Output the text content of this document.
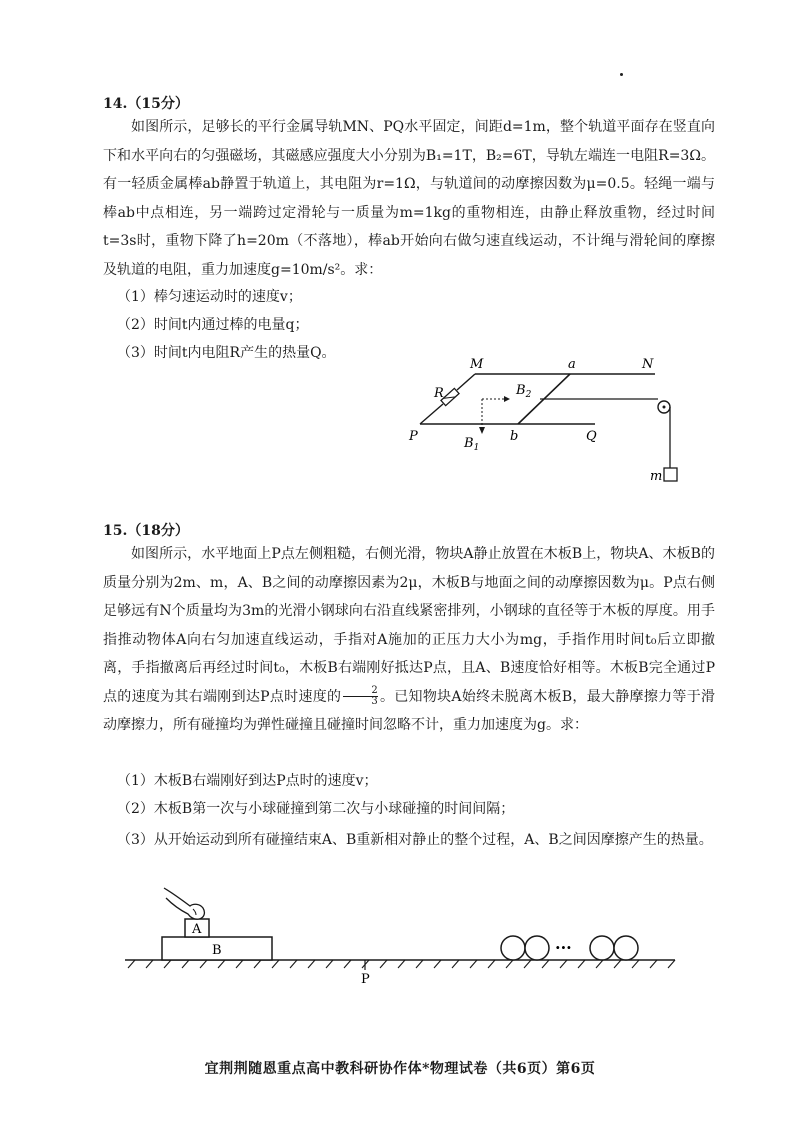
14.（15分）

如图所示，足够长的平行金属导轨MN、PQ水平固定，间距d=1m，整个轨道平面存在竖直向下和水平向右的匀强磁场，其磁感应强度大小分别为B₁=1T，B₂=6T，导轨左端连一电阻R=3Ω。有一轻质金属棒ab静置于轨道上，其电阻为r=1Ω，与轨道间的动摩擦因数为μ=0.5。轻绳一端与棒ab中点相连，另一端跨过定滑轮与一质量为m=1kg的重物相连，由静止释放重物，经过时间t=3s时，重物下降了h=20m（不落地），棒ab开始向右做匀速直线运动，不计绳与滑轮间的摩擦及轨道的电阻，重力加速度g=10m/s²。求：

（1）棒匀速运动时的速度v；

（2）时间t内通过棒的电量q；

（3）时间t内电阻R产生的热量Q。

M	a	N
R	$B_2$
P	$B_1$
b	Q
m
15.（18分）

如图所示，水平地面上P点左侧粗糙，右侧光滑，物块A静止放置在木板B上，物块A、木板B的质量分别为2m、m，A、B之间的动摩擦因素为2μ，木板B与地面之间的动摩擦因数为μ。P点右侧足够远有N个质量均为3m的光滑小钢球向右沿直线紧密排列，小钢球的直径等于木板的厚度。用手指推动物体A向右匀加速直线运动，手指对A施加的正压力大小为mg，手指作用时间t₀后立即撤离，手指撤离后再经过时间t₀，木板B右端刚好抵达P点，且A、B速度恰好相等。木板B完全通过P点的速度为其右端刚到达P点时速度的 $\frac{2}{3}$ 。已知物块A始终未脱离木板B，最大静摩擦力等于滑动摩擦力，所有碰撞均为弹性碰撞且碰撞时间忽略不计，重力加速度为g。求：

（1）木板B右端刚好到达P点时的速度v；

（2）木板B第一次与小球碰撞到第二次与小球碰撞的时间间隔；

（3）从开始运动到所有碰撞结束A、B重新相对静止的整个过程，A、B之间因摩擦产生的热量。

P
B
A
···
宜荆荆随恩重点高中教科研协作体*物理试卷（共6页）第6页
